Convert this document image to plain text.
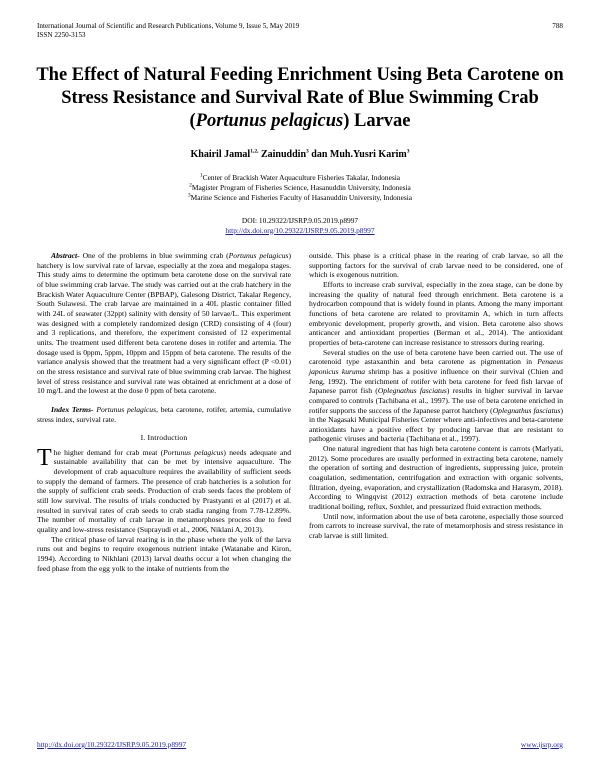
International Journal of Scientific and Research Publications, Volume 9, Issue 5, May 2019
ISSN 2250-3153
788
The Effect of Natural Feeding Enrichment Using Beta Carotene on Stress Resistance and Survival Rate of Blue Swimming Crab (Portunus pelagicus) Larvae
Khairil Jamal$^{1,2,}$ Zainuddin$^3$ dan Muh.Yusri Karim$^3$
$^1$Center of Brackish Water Aquaculture Fisheries Takalar, Indonesia
$^2$Magister Program of Fisheries Science, Hasanuddin University, Indonesia
$^3$Marine Science and Fisheries Faculty of Hasanuddin University, Indonesia
DOI: 10.29322/IJSRP.9.05.2019.p8997
http://dx.doi.org/10.29322/IJSRP.9.05.2019.p8997

Abstract- One of the problems in blue swimming crab (Portunus pelagicus) hatchery is low survival rate of larvae, especially at the zoea and megalopa stages. This study aims to determine the optimum beta carotene dose on the survival rate of blue swimming crab larvae. The study was carried out at the crab hatchery in the Brackish Water Aquaculture Center (BPBAP), Galesong District, Takalar Regency, South Sulawesi. The crab larvae are maintained in a 40L plastic container filled with 24L of seawater (32ppt) salinity with density of 50 larvae/L. This experiment was designed with a completely randomized design (CRD) consisting of 4 (four) and 3 replications, and therefore, the experiment consisted of 12 experimental units. The treatment used different beta carotene doses in rotifer and artemia. The dosage used is 0ppm, 5ppm, 10ppm and 15ppm of beta carotene. The results of the variance analysis showed that the treatment had a very significant effect (P <0.01) on the stress resistance and survival rate of blue swimming crab larvae. The highest level of stress resistance and survival rate was obtained at enrichment at a dose of 10 mg/L and the lowest at the dose 0 ppm of beta carotene.

Index Terms- Portunus pelagicus, beta carotene, rotifer, artemia, cumulative stress index, survival rate.

I. Introduction

The higher demand for crab meat (Portunus pelagicus) needs adequate and sustainable availability that can be met by intensive aquaculture. The development of crab aquaculture requires the availability of sufficient seeds to supply the demand of farmers. The presence of crab hatcheries is a solution for the supply of sufficient crab seeds. Production of crab seeds faces the problem of still low survival. The results of trials conducted by Prastyanti et al (2017) et al. resulted in survival rates of crab seeds to crab stadia ranging from 7.78-12.89%. The number of mortality of crab larvae in metamorphoses process due to feed quality and low-stress resistance (Suprayudi et al., 2006, Niklani A, 2013).

The critical phase of larval rearing is in the phase where the yolk of the larva runs out and begins to require exogenous nutrient intake (Watanabe and Kiron, 1994). According to Nikhlani (2013) larval deaths occur a lot when changing the feed phase from the egg yolk to the intake of nutrients from the

outside. This phase is a critical phase in the rearing of crab larvae, so all the supporting factors for the survival of crab larvae need to be considered, one of which is exogenous nutrition.

Efforts to increase crab survival, especially in the zoea stage, can be done by increasing the quality of natural feed through enrichment. Beta carotene is a hydrocarbon compound that is widely found in plants. Among the many important functions of beta carotene are related to provitamin A, which in turn affects embryonic development, properly growth, and vision. Beta carotene also shows anticancer and antioxidant properties (Berman et al., 2014). The antioxidant properties of beta-carotene can increase resistance to stressors during rearing.

Several studies on the use of beta carotene have been carried out. The use of carotenoid type astaxanthin and beta carotene as pigmentation in Penaeus japonicus kuruma shrimp has a positive influence on their survival (Chien and Jeng, 1992). The enrichment of rotifer with beta carotene for feed fish larvae of Japanese parrot fish (Oplegnathus fasciatus) results in higher survival in larvae compared to controls (Tachibana et al., 1997). The use of beta carotene enriched in rotifer supports the success of the Japanese parrot hatchery (Oplegnathus fasciatus) in the Nagasaki Municipal Fisheries Center where anti-infectives and beta-carotene antioxidants have a positive effect by producing larvae that are resistant to pathogenic viruses and bacteria (Tachibana et al., 1997).

One natural ingredient that has high beta carotene content is carrots (Marlyati, 2012). Some procedures are usually performed in extracting beta carotene, namely the operation of sorting and destruction of ingredients, suppressing juice, protein coagulation, sedimentation, centrifugation and extraction with organic solvents, filtration, dyeing, evaporation, and crystallization (Radomska and Harasym, 2018). According to Wingqvist (2012) extraction methods of beta carotene include traditional boiling, reflux, Soxhlet, and pressurized fluid extraction methods.

Until now, information about the use of beta carotene, especially those sourced from carrots to increase survival, the rate of metamorphosis and stress resistance in crab larvae is still limited.

http://dx.doi.org/10.29322/IJSRP.9.05.2019.p8997	www.ijsrp.org
